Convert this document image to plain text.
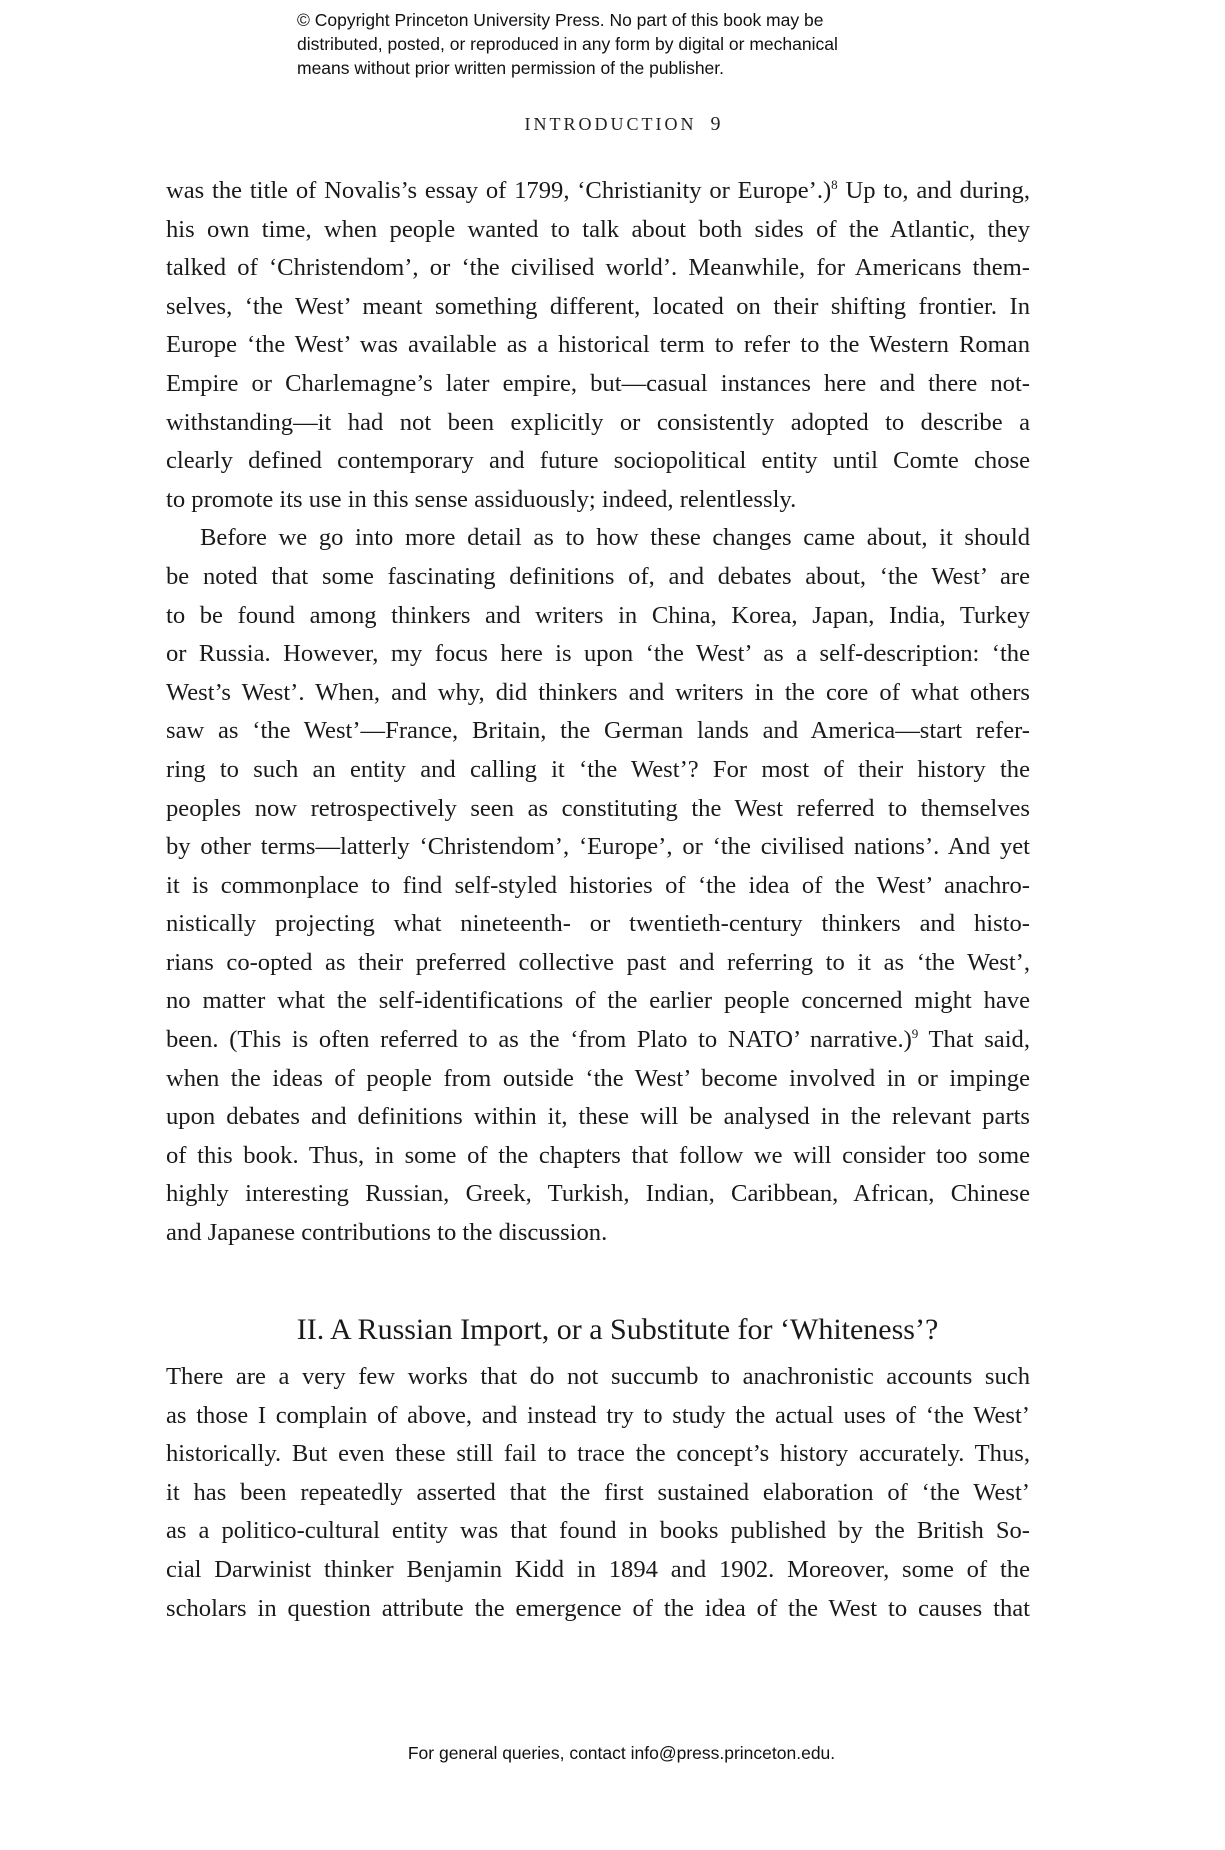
© Copyright Princeton University Press. No part of this book may be
distributed, posted, or reproduced in any form by digital or mechanical
means without prior written permission of the publisher.
INTRODUCTION 9
was the title of Novalis’s essay of 1799, ‘Christianity or Europe’.)$^8$ Up to, and during,
his own time, when people wanted to talk about both sides of the Atlantic, they
talked of ‘Christendom’, or ‘the civilised world’. Meanwhile, for Americans them-
selves, ‘the West’ meant something different, located on their shifting frontier. In
Europe ‘the West’ was available as a historical term to refer to the Western Roman
Empire or Charlemagne’s later empire, but—casual instances here and there not-
withstanding—it had not been explicitly or consistently adopted to describe a
clearly defined contemporary and future sociopolitical entity until Comte chose
to promote its use in this sense assiduously; indeed, relentlessly.
Before we go into more detail as to how these changes came about, it should
be noted that some fascinating definitions of, and debates about, ‘the West’ are
to be found among thinkers and writers in China, Korea, Japan, India, Turkey
or Russia. However, my focus here is upon ‘the West’ as a self-description: ‘the
West’s West’. When, and why, did thinkers and writers in the core of what others
saw as ‘the West’—France, Britain, the German lands and America—start refer-
ring to such an entity and calling it ‘the West’? For most of their history the
peoples now retrospectively seen as constituting the West referred to themselves
by other terms—latterly ‘Christendom’, ‘Europe’, or ‘the civilised nations’. And yet
it is commonplace to find self-styled histories of ‘the idea of the West’ anachro-
nistically projecting what nineteenth- or twentieth-century thinkers and histo-
rians co-opted as their preferred collective past and referring to it as ‘the West’,
no matter what the self-identifications of the earlier people concerned might have
been. (This is often referred to as the ‘from Plato to NATO’ narrative.)$^9$ That said,
when the ideas of people from outside ‘the West’ become involved in or impinge
upon debates and definitions within it, these will be analysed in the relevant parts
of this book. Thus, in some of the chapters that follow we will consider too some
highly interesting Russian, Greek, Turkish, Indian, Caribbean, African, Chinese
and Japanese contributions to the discussion.
II. A Russian Import, or a Substitute for ‘Whiteness’?
There are a very few works that do not succumb to anachronistic accounts such
as those I complain of above, and instead try to study the actual uses of ‘the West’
historically. But even these still fail to trace the concept’s history accurately. Thus,
it has been repeatedly asserted that the first sustained elaboration of ‘the West’
as a politico-cultural entity was that found in books published by the British So-
cial Darwinist thinker Benjamin Kidd in 1894 and 1902. Moreover, some of the
scholars in question attribute the emergence of the idea of the West to causes that
For general queries, contact info@press.princeton.edu.
